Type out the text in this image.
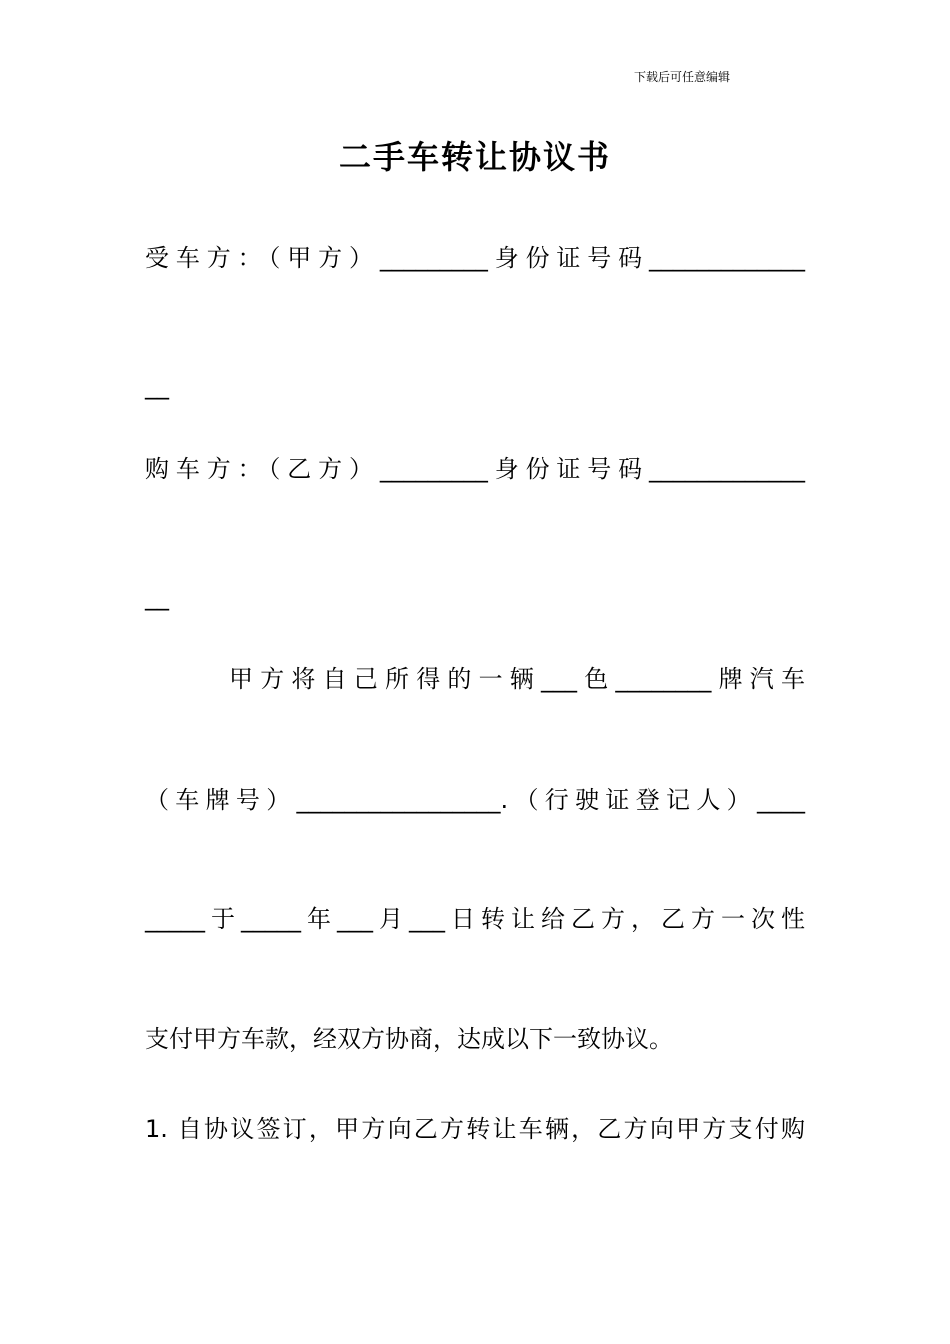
下载后可任意编辑
二手车转让协议书
受车方：（甲方）_________身份证号码_____________
__
购车方：（乙方）_________身份证号码_____________
__
甲方将自己所得的一辆___色________牌汽车
（车牌号）_________________.（行驶证登记人）____
_____于_____年___月___日转让给乙方，乙方一次性
支付甲方车款，经双方协商，达成以下一致协议。
1. 自协议签订，甲方向乙方转让车辆，乙方向甲方支付购
